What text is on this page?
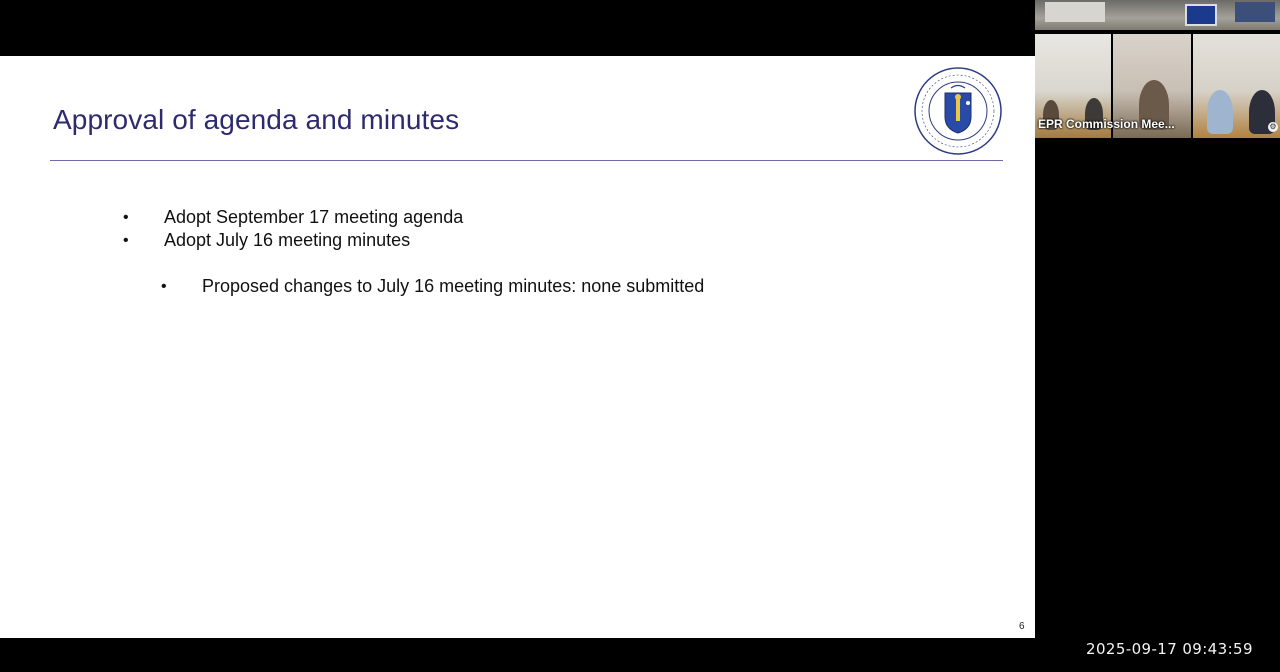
Approval of agenda and minutes
• Adopt September 17 meeting agenda
• Adopt July 16 meeting minutes
• Proposed changes to July 16 meeting minutes: none submitted
6
EPR Commission Mee...	⚙
2025-09-17 09:43:59
